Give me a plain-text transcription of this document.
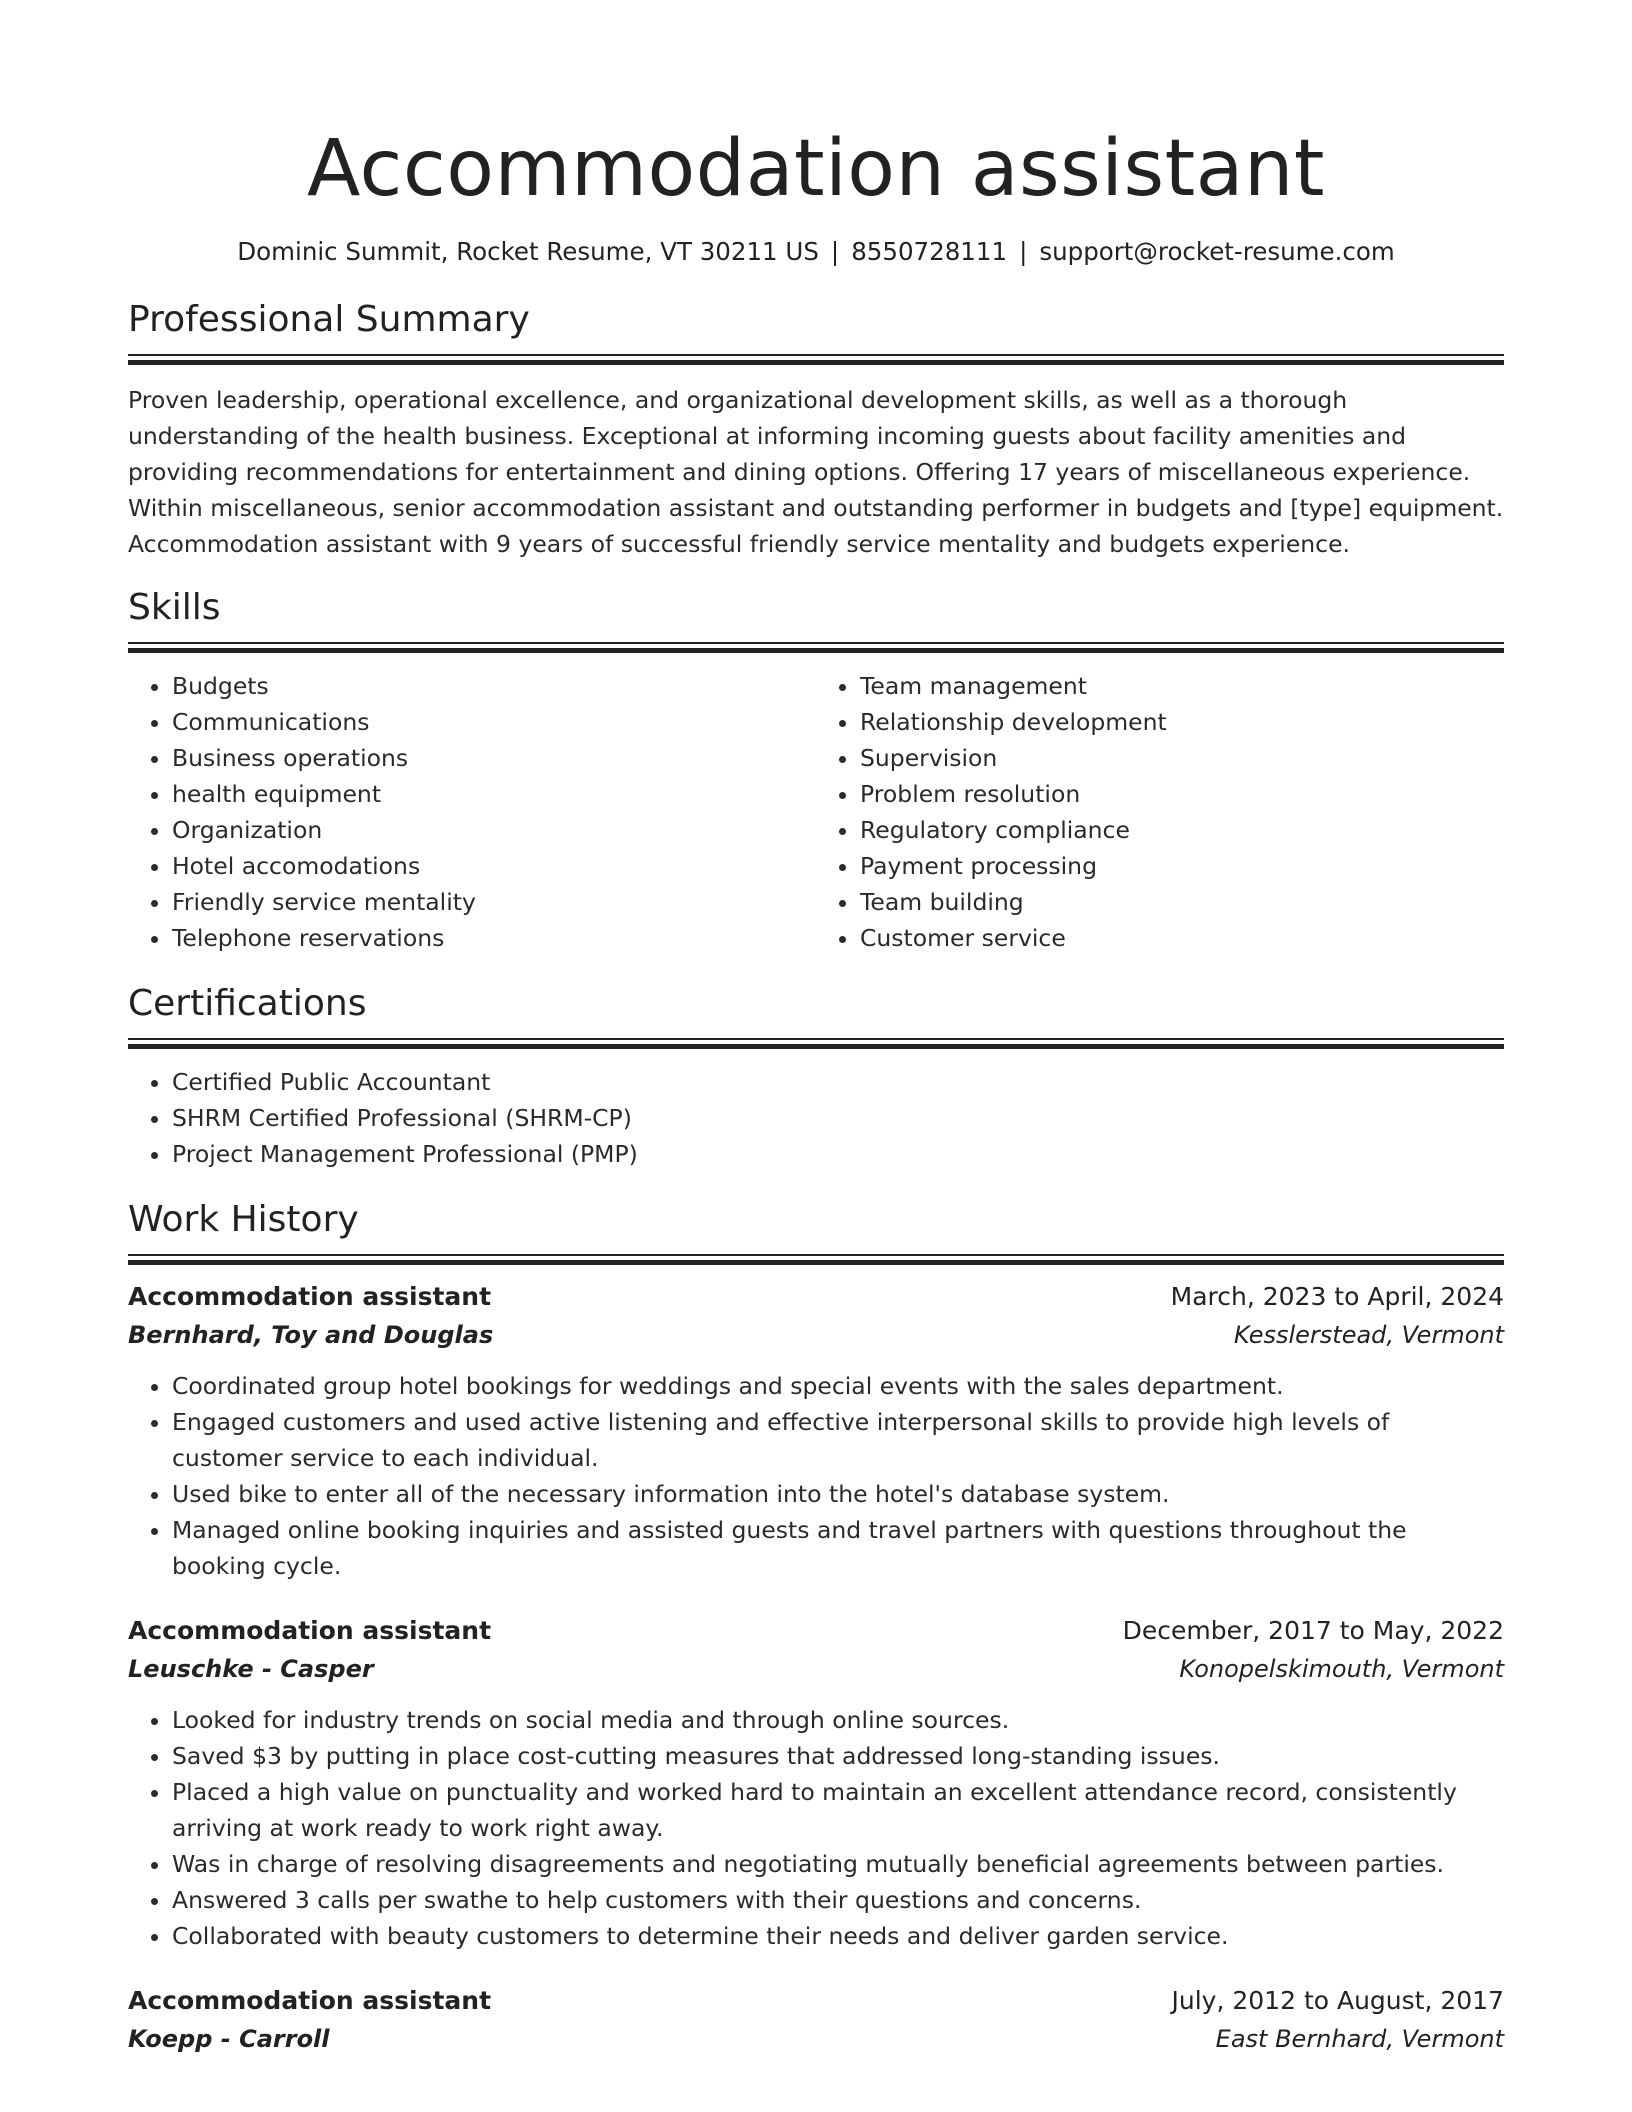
Accommodation assistant
Dominic Summit, Rocket Resume, VT 30211 US | 8550728111 | support@rocket-resume.com
Professional Summary
Proven leadership, operational excellence, and organizational development skills, as well as a thorough understanding of the health business. Exceptional at informing incoming guests about facility amenities and providing recommendations for entertainment and dining options. Offering 17 years of miscellaneous experience. Within miscellaneous, senior accommodation assistant and outstanding performer in budgets and [type] equipment. Accommodation assistant with 9 years of successful friendly service mentality and budgets experience.
Skills
• Budgets
• Communications
• Business operations
• health equipment
• Organization
• Hotel accomodations
• Friendly service mentality
• Telephone reservations
• Team management
• Relationship development
• Supervision
• Problem resolution
• Regulatory compliance
• Payment processing
• Team building
• Customer service
Certifications
• Certified Public Accountant
• SHRM Certified Professional (SHRM-CP)
• Project Management Professional (PMP)
Work History
Accommodation assistant	March, 2023 to April, 2024
Bernhard, Toy and Douglas	Kesslerstead, Vermont
• Coordinated group hotel bookings for weddings and special events with the sales department.
• Engaged customers and used active listening and effective interpersonal skills to provide high levels of customer service to each individual.
• Used bike to enter all of the necessary information into the hotel's database system.
• Managed online booking inquiries and assisted guests and travel partners with questions throughout the booking cycle.
Accommodation assistant	December, 2017 to May, 2022
Leuschke - Casper	Konopelskimouth, Vermont
• Looked for industry trends on social media and through online sources.
• Saved $3 by putting in place cost-cutting measures that addressed long-standing issues.
• Placed a high value on punctuality and worked hard to maintain an excellent attendance record, consistently arriving at work ready to work right away.
• Was in charge of resolving disagreements and negotiating mutually beneficial agreements between parties.
• Answered 3 calls per swathe to help customers with their questions and concerns.
• Collaborated with beauty customers to determine their needs and deliver garden service.
Accommodation assistant	July, 2012 to August, 2017
Koepp - Carroll	East Bernhard, Vermont
